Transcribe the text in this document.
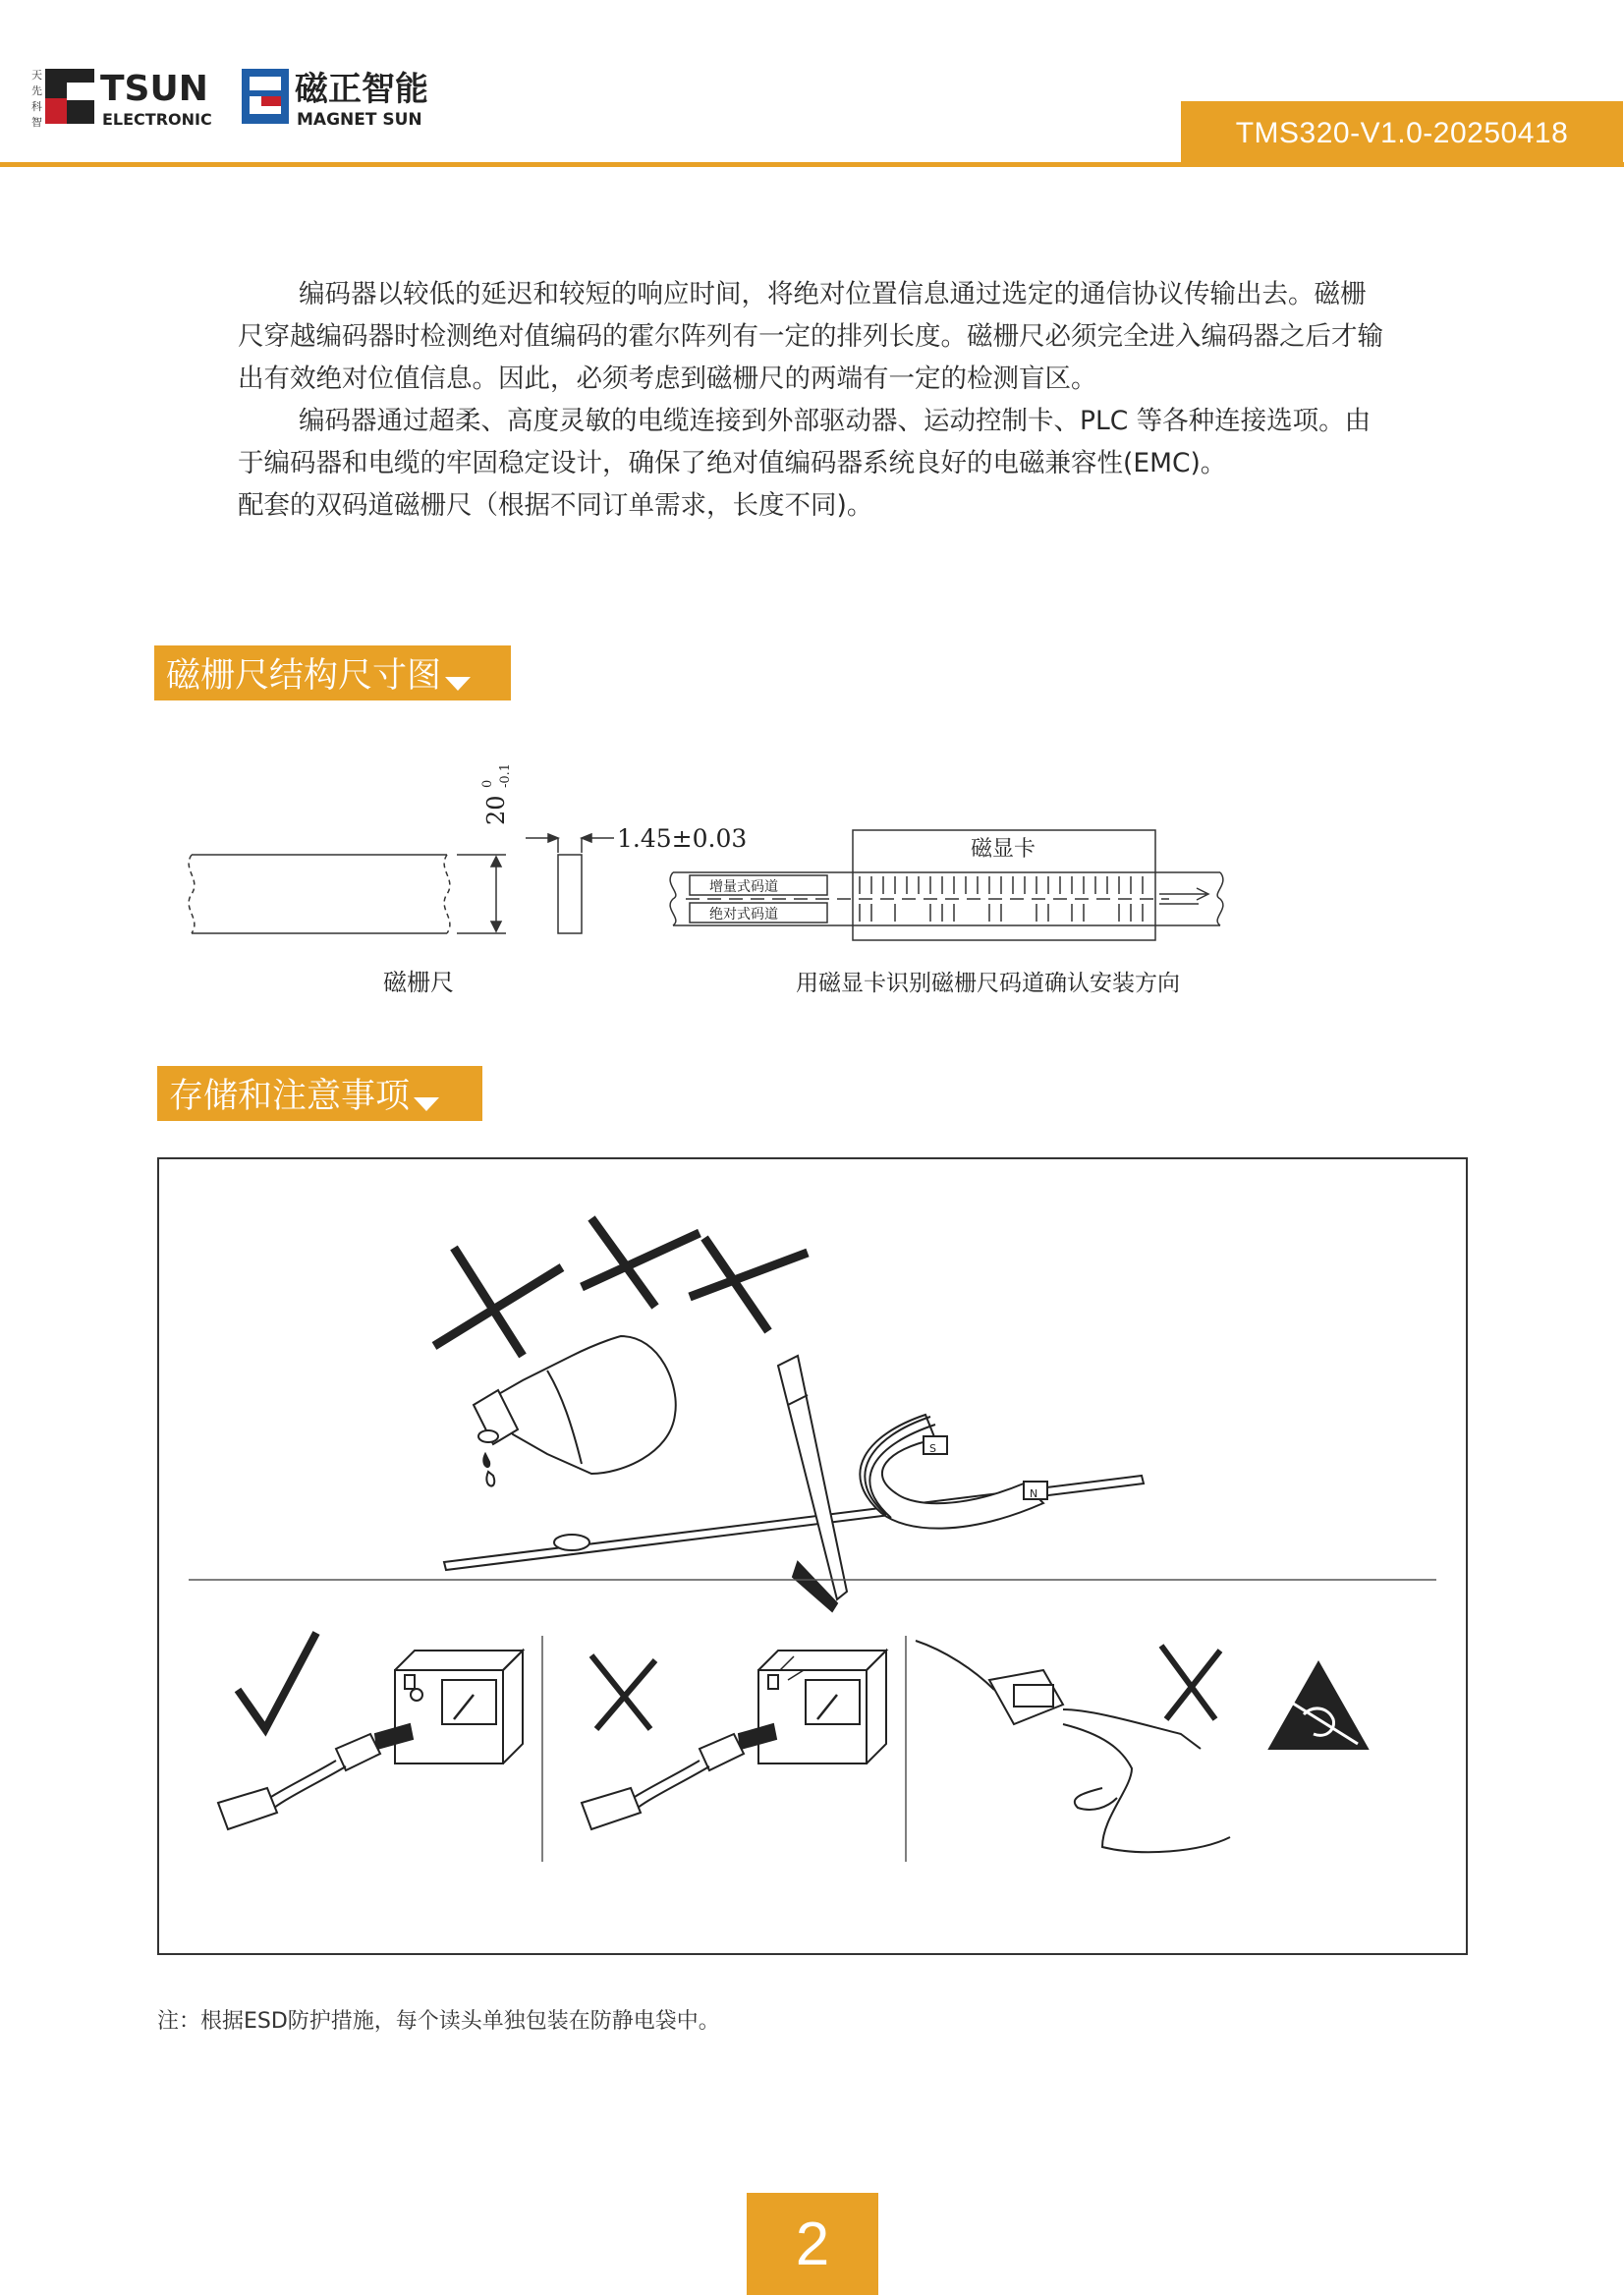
天
先
科
智
TSUN
ELECTRONIC
磁正智能
MAGNET SUN	TMS320-V1.0-20250418

编码器以较低的延迟和较短的响应时间，将绝对位置信息通过选定的通信协议传输出去。磁栅尺穿越编码器时检测绝对值编码的霍尔阵列有一定的排列长度。磁栅尺必须完全进入编码器之后才输出有效绝对位值信息。因此，必须考虑到磁栅尺的两端有一定的检测盲区。

编码器通过超柔、高度灵敏的电缆连接到外部驱动器、运动控制卡、PLC 等各种连接选项。由于编码器和电缆的牢固稳定设计，确保了绝对值编码器系统良好的电磁兼容性(EMC)。

配套的双码道磁栅尺（根据不同订单需求，长度不同)。

磁栅尺结构尺寸图
20
0 -0.1
1.45±0.03	磁显卡
增量式码道
绝对式码道
磁栅尺	用磁显卡识别磁栅尺码道确认安装方向
存储和注意事项
S
N
注：根据ESD防护措施，每个读头单独包装在防静电袋中。
2
